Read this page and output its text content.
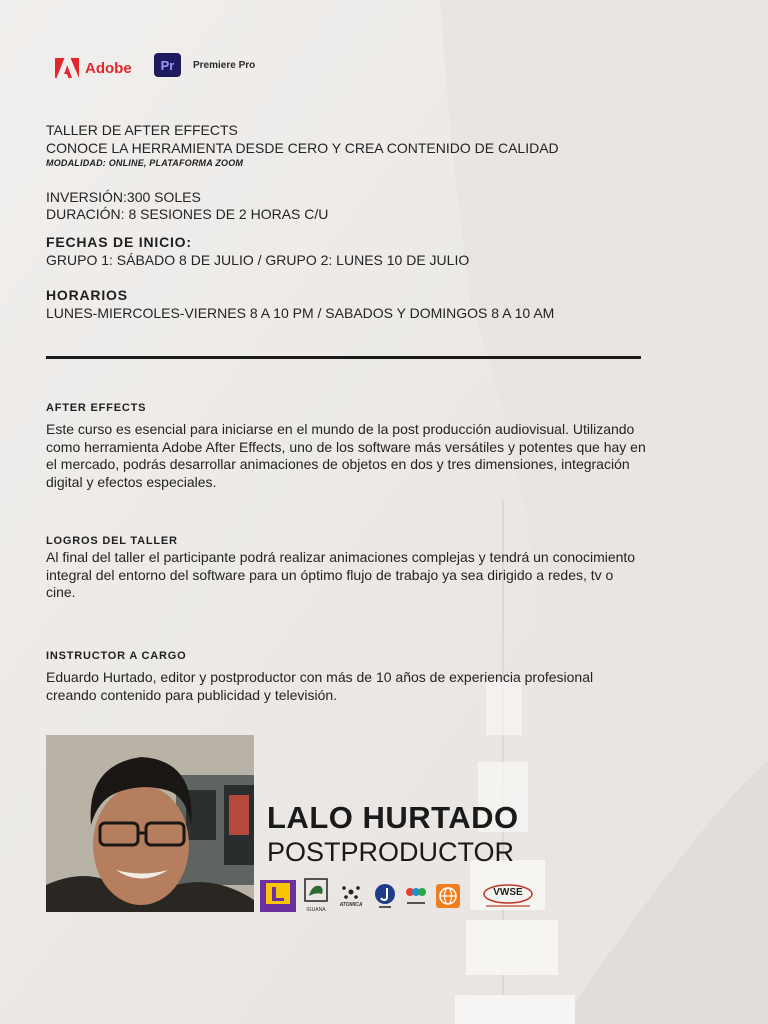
Adobe	Pr	Premiere Pro
TALLER DE AFTER EFFECTS
CONOCE LA HERRAMIENTA DESDE CERO Y CREA CONTENIDO DE CALIDAD
MODALIDAD: ONLINE, PLATAFORMA ZOOM
INVERSIÓN:300 SOLES
DURACIÓN: 8 SESIONES DE 2 HORAS C/U
FECHAS DE INICIO:
GRUPO 1: SÁBADO 8 DE JULIO / GRUPO 2: LUNES 10 DE JULIO
HORARIOS
LUNES-MIERCOLES-VIERNES 8 A 10 PM / SABADOS Y DOMINGOS 8 A 10 AM
AFTER EFFECTS
Este curso es esencial para iniciarse en el mundo de la post producción audiovisual. Utilizando como herramienta Adobe After Effects, uno de los software más versátiles y potentes que hay en el mercado, podrás desarrollar animaciones de objetos en dos y tres dimensiones, integración digital y efectos especiales.
LOGROS DEL TALLER
Al final del taller el participante podrá realizar animaciones complejas y tendrá un conocimiento integral del entorno del software para un óptimo flujo de trabajo ya sea dirigido a redes, tv o cine.
INSTRUCTOR A CARGO
Eduardo Hurtado, editor y postproductor con más de 10 años de experiencia profesional creando contenido para publicidad y televisión.
LALO HURTADO
POSTPRODUCTOR
IGUANA
ATOMICA
VWSE
